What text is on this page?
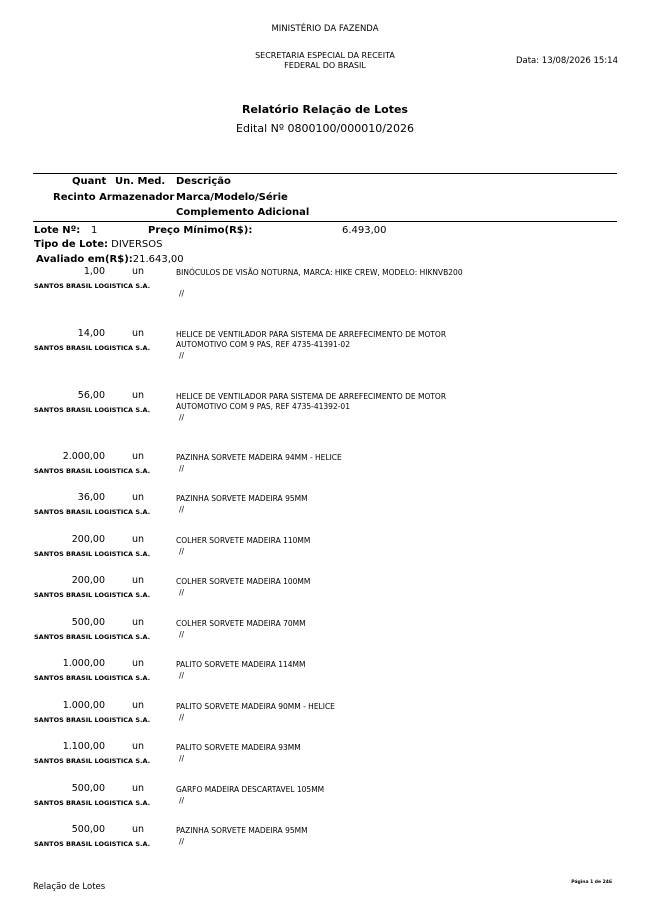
MINISTÉRIO DA FAZENDA
SECRETARIA ESPECIAL DA RECEITA
FEDERAL DO BRASIL	Data: 13/08/2026 15:14
Relatório Relação de Lotes
Edital Nº 0800100/000010/2026
Quant Un. Med. Descrição
Recinto Armazenador Marca/Modelo/Série
Complemento Adicional
Lote Nº: 1	Preço Mínimo(R$):	6.493,00
Tipo de Lote: DIVERSOS
Avaliado em(R$):21.643,00
1,00	un
SANTOS BRASIL LOGISTICA S.A.
BINÓCULOS DE VISÃO NOTURNA, MARCA: HIKE CREW, MODELO: HIKNVB200
//
14,00	un
SANTOS BRASIL LOGISTICA S.A.
HELICE DE VENTILADOR PARA SISTEMA DE ARREFECIMENTO DE MOTOR AUTOMOTIVO COM 9 PAS, REF 4735-41391-02
//
56,00	un
SANTOS BRASIL LOGISTICA S.A.
HELICE DE VENTILADOR PARA SISTEMA DE ARREFECIMENTO DE MOTOR AUTOMOTIVO COM 9 PAS, REF 4735-41392-01
//
2.000,00	un
SANTOS BRASIL LOGISTICA S.A.
PAZINHA SORVETE MADEIRA 94MM - HELICE
//
36,00	un
SANTOS BRASIL LOGISTICA S.A.
PAZINHA SORVETE MADEIRA 95MM
//
200,00	un
SANTOS BRASIL LOGISTICA S.A.
COLHER SORVETE MADEIRA 110MM
//
200,00	un
SANTOS BRASIL LOGISTICA S.A.
COLHER SORVETE MADEIRA 100MM
//
500,00	un
SANTOS BRASIL LOGISTICA S.A.
COLHER SORVETE MADEIRA 70MM
//
1.000,00	un
SANTOS BRASIL LOGISTICA S.A.
PALITO SORVETE MADEIRA 114MM
//
1.000,00	un
SANTOS BRASIL LOGISTICA S.A.
PALITO SORVETE MADEIRA 90MM - HELICE
//
1.100,00	un
SANTOS BRASIL LOGISTICA S.A.
PALITO SORVETE MADEIRA 93MM
//
500,00	un
SANTOS BRASIL LOGISTICA S.A.
GARFO MADEIRA DESCARTAVEL 105MM
//
500,00	un
SANTOS BRASIL LOGISTICA S.A.
PAZINHA SORVETE MADEIRA 95MM
//
Relação de Lotes	Página 1 de 246
